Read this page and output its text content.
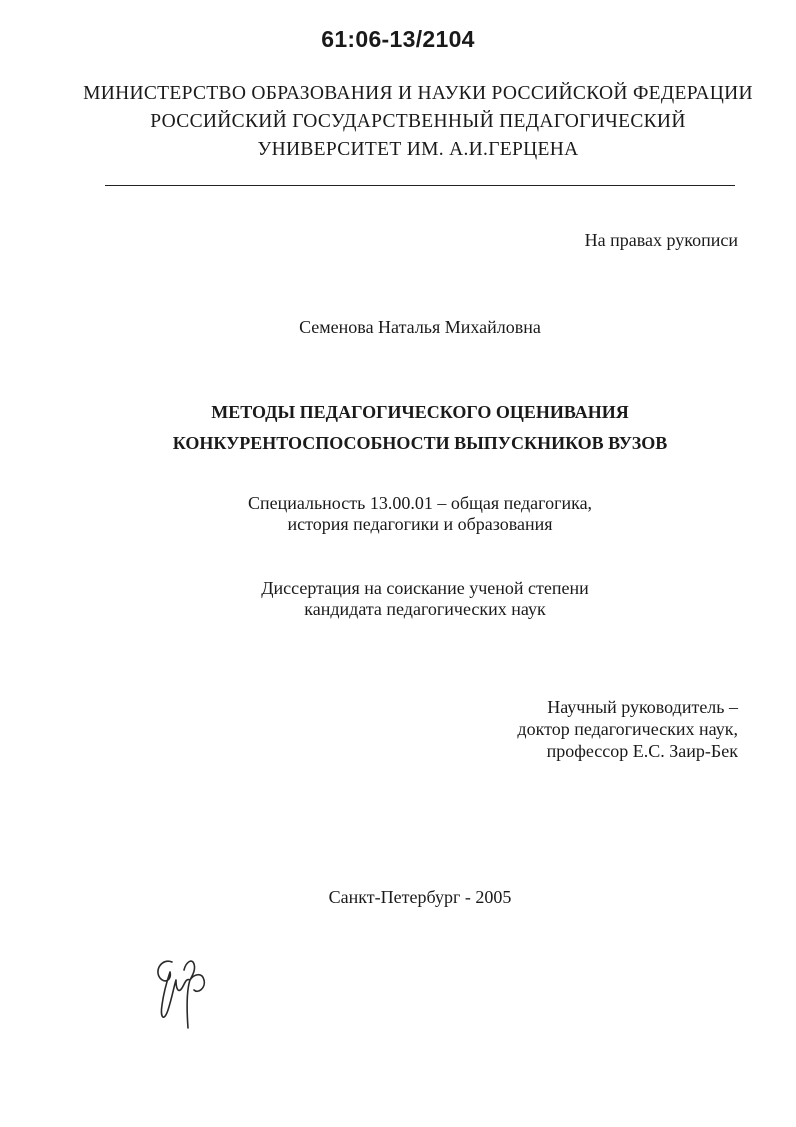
61:06-13/2104
МИНИСТЕРСТВО ОБРАЗОВАНИЯ И НАУКИ РОССИЙСКОЙ ФЕДЕРАЦИИ
РОССИЙСКИЙ ГОСУДАРСТВЕННЫЙ ПЕДАГОГИЧЕСКИЙ
УНИВЕРСИТЕТ ИМ. А.И.ГЕРЦЕНА
На правах рукописи
Семенова Наталья Михайловна
МЕТОДЫ ПЕДАГОГИЧЕСКОГО ОЦЕНИВАНИЯ
КОНКУРЕНТОСПОСОБНОСТИ ВЫПУСКНИКОВ ВУЗОВ
Специальность 13.00.01 – общая педагогика,
история педагогики и образования
Диссертация на соискание ученой степени
кандидата педагогических наук
Научный руководитель –
доктор педагогических наук,
профессор Е.С. Заир-Бек
Санкт-Петербург - 2005
